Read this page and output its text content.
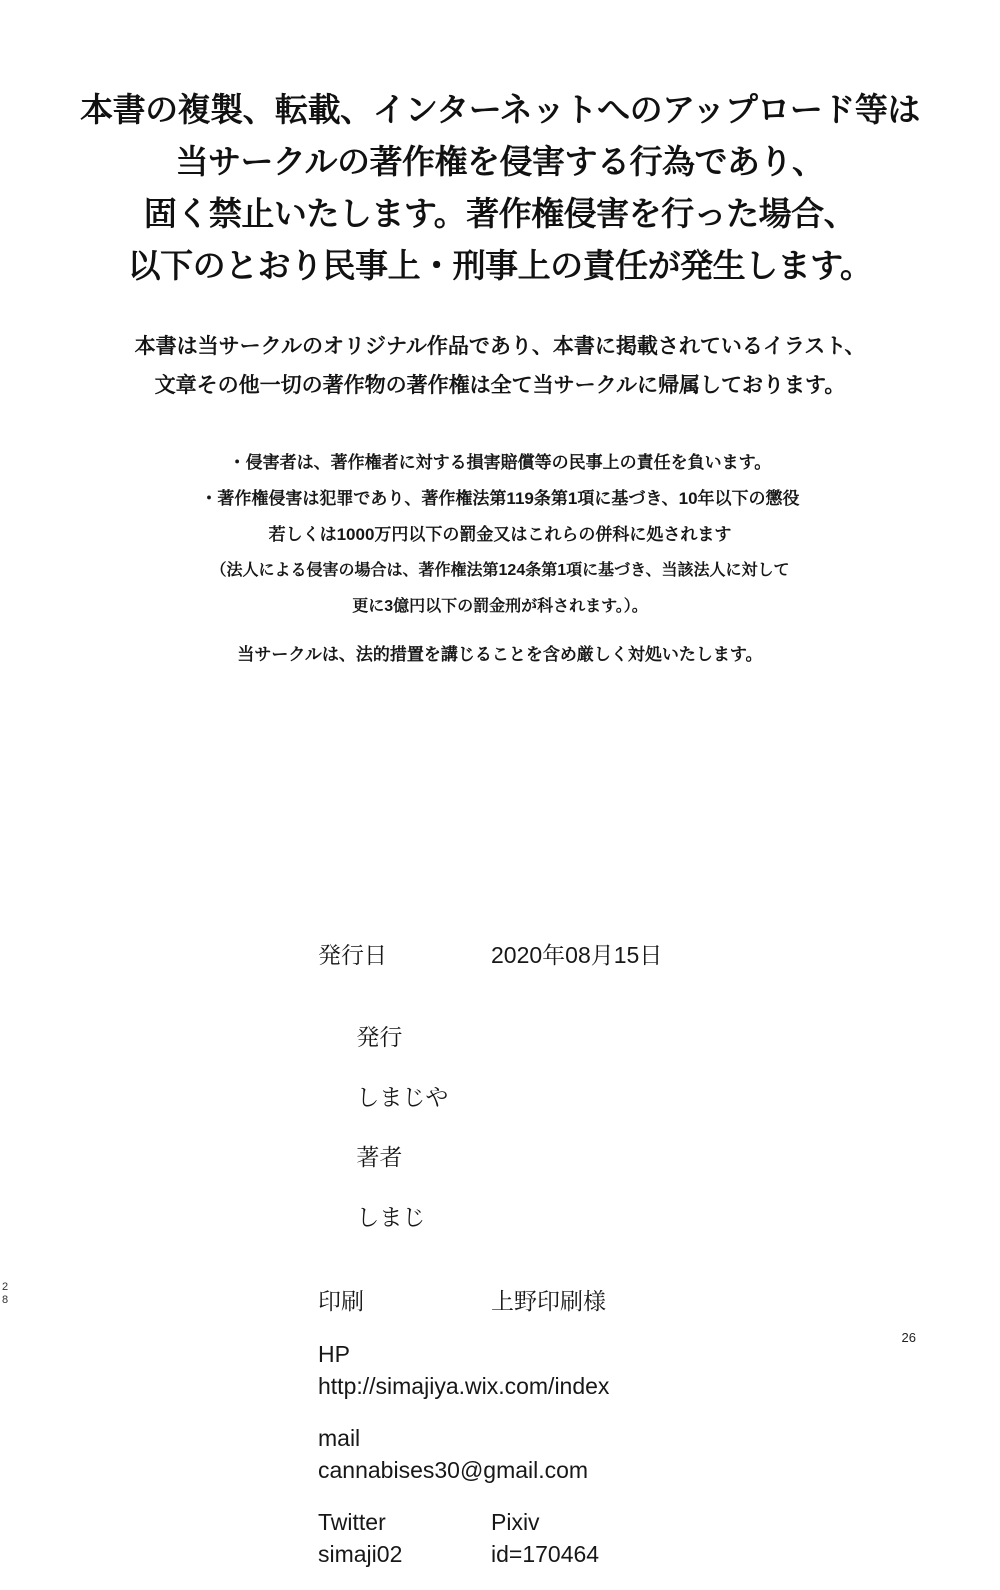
本書の複製、転載、インターネットへのアップロード等は
当サークルの著作権を侵害する行為であり、
固く禁止いたします。著作権侵害を行った場合、
以下のとおり民事上・刑事上の責任が発生します。
本書は当サークルのオリジナル作品であり、本書に掲載されているイラスト、
文章その他一切の著作物の著作権は全て当サークルに帰属しております。
・侵害者は、著作権者に対する損害賠償等の民事上の責任を負います。
・著作権侵害は犯罪であり、著作権法第119条第1項に基づき、10年以下の懲役
若しくは1000万円以下の罰金又はこれらの併科に処されます
（法人による侵害の場合は、著作権法第124条第1項に基づき、当該法人に対して
更に3億円以下の罰金刑が科されます。）。
当サークルは、法的措置を講じることを含め厳しく対処いたします。
発行日	2020年08月15日

発行

しまじや

著者

しまじ

印刷	上野印刷様
HP
http://simajiya.wix.com/index
mail
cannabises30@gmail.com
Twitter	Pixiv
simaji02	id=170464
26
2
8
